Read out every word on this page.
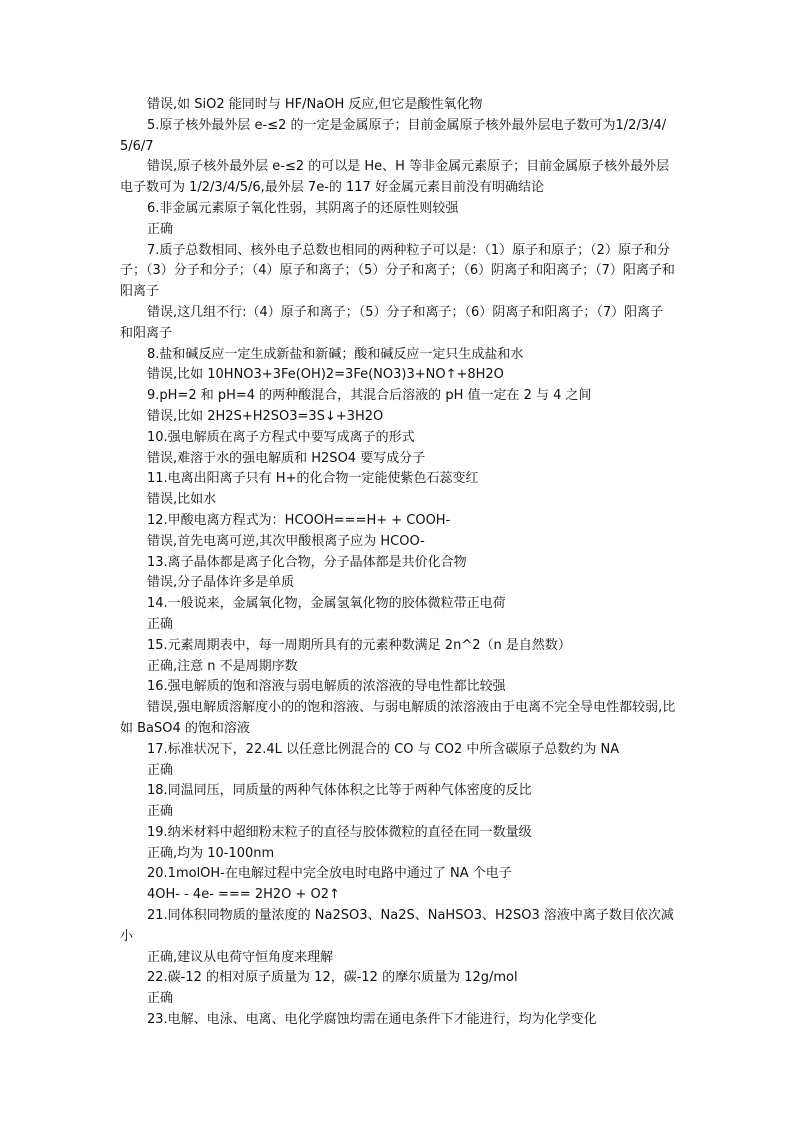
错误,如 SiO2 能同时与 HF/NaOH 反应,但它是酸性氧化物

5.原子核外最外层 e-≤2 的一定是金属原子；目前金属原子核外最外层电子数可为1/2/3/4/5/6/7

错误,原子核外最外层 e-≤2 的可以是 He、H 等非金属元素原子；目前金属原子核外最外层电子数可为 1/2/3/4/5/6,最外层 7e-的 117 好金属元素目前没有明确结论

6.非金属元素原子氧化性弱，其阴离子的还原性则较强

正确

7.质子总数相同、核外电子总数也相同的两种粒子可以是：（1）原子和原子；（2）原子和分子；（3）分子和分子；（4）原子和离子；（5）分子和离子；（6）阴离子和阳离子；（7）阳离子和阳离子

错误,这几组不行:（4）原子和离子；（5）分子和离子；（6）阴离子和阳离子；（7）阳离子和阳离子

8.盐和碱反应一定生成新盐和新碱；酸和碱反应一定只生成盐和水

错误,比如 10HNO3+3Fe(OH)2=3Fe(NO3)3+NO↑+8H2O

9.pH=2 和 pH=4 的两种酸混合，其混合后溶液的 pH 值一定在 2 与 4 之间

错误,比如 2H2S+H2SO3=3S↓+3H2O

10.强电解质在离子方程式中要写成离子的形式

错误,难溶于水的强电解质和 H2SO4 要写成分子

11.电离出阳离子只有 H+的化合物一定能使紫色石蕊变红

错误,比如水

12.甲酸电离方程式为：HCOOH===H+ + COOH-

错误,首先电离可逆,其次甲酸根离子应为 HCOO-

13.离子晶体都是离子化合物，分子晶体都是共价化合物

错误,分子晶体许多是单质

14.一般说来，金属氧化物，金属氢氧化物的胶体微粒带正电荷

正确

15.元素周期表中，每一周期所具有的元素种数满足 2n^2（n 是自然数）

正确,注意 n 不是周期序数

16.强电解质的饱和溶液与弱电解质的浓溶液的导电性都比较强

错误,强电解质溶解度小的的饱和溶液、与弱电解质的浓溶液由于电离不完全导电性都较弱,比如 BaSO4 的饱和溶液

17.标准状况下，22.4L 以任意比例混合的 CO 与 CO2 中所含碳原子总数约为 NA

正确

18.同温同压，同质量的两种气体体积之比等于两种气体密度的反比

正确

19.纳米材料中超细粉末粒子的直径与胶体微粒的直径在同一数量级

正确,均为 10-100nm

20.1molOH-在电解过程中完全放电时电路中通过了 NA 个电子

4OH- - 4e- === 2H2O + O2↑

21.同体积同物质的量浓度的 Na2SO3、Na2S、NaHSO3、H2SO3 溶液中离子数目依次减小

正确,建议从电荷守恒角度来理解

22.碳-12 的相对原子质量为 12，碳-12 的摩尔质量为 12g/mol

正确

23.电解、电泳、电离、电化学腐蚀均需在通电条件下才能进行，均为化学变化
